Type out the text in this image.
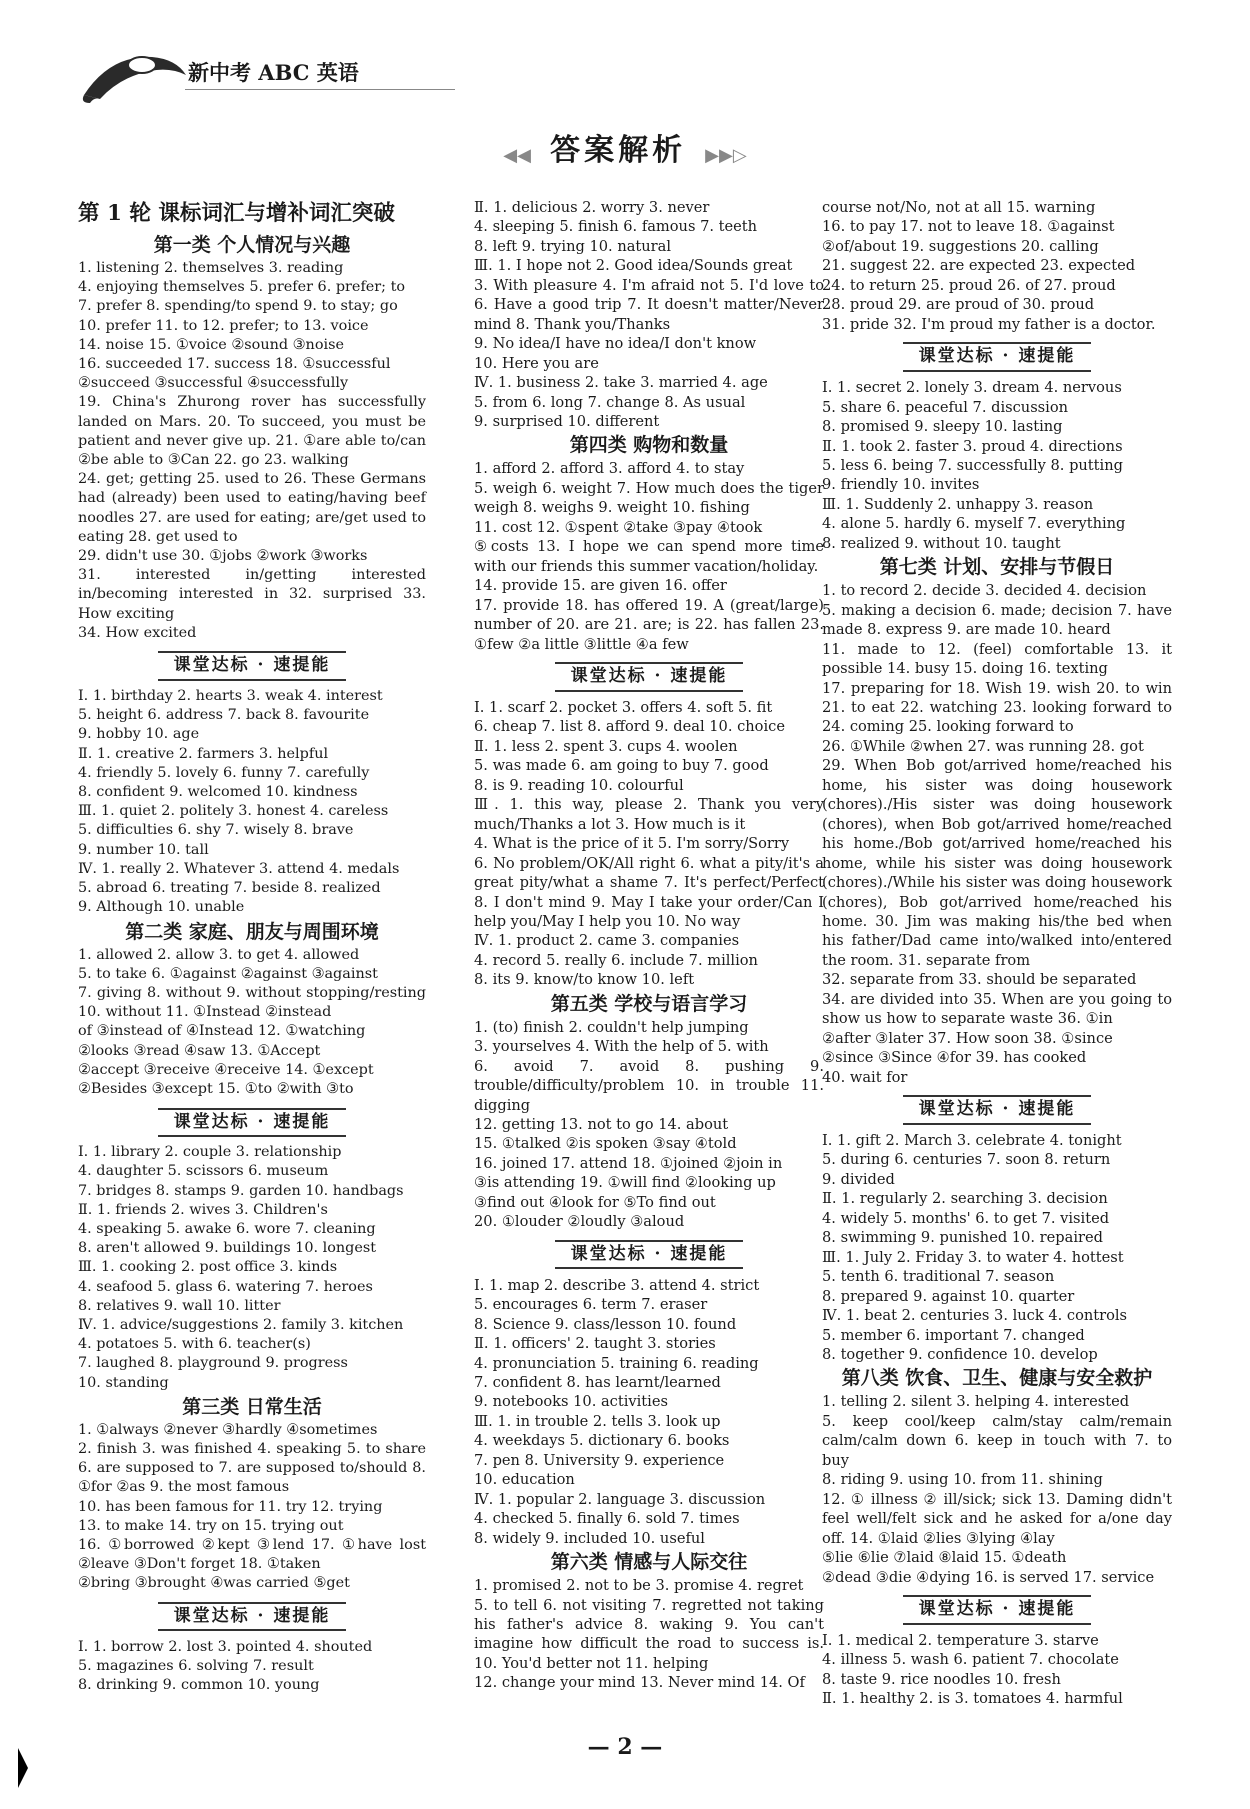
新中考 ABC 英语
◀◀ 答案解析 ▶▶▷
第 1 轮 课标词汇与增补词汇突破
第一类 个人情况与兴趣
1. listening 2. themselves 3. reading
4. enjoying themselves 5. prefer 6. prefer; to
7. prefer 8. spending/to spend 9. to stay; go
10. prefer 11. to 12. prefer; to 13. voice
14. noise 15. ①voice ②sound ③noise
16. succeeded 17. success 18. ①successful
②succeed ③successful ④successfully
19. China's Zhurong rover has successfully landed on Mars. 20. To succeed, you must be patient and never give up. 21. ①are able to/can ②be able to ③Can 22. go 23. walking
24. get; getting 25. used to 26. These Germans had (already) been used to eating/having beef noodles 27. are used for eating; are/get used to eating 28. get used to
29. didn't use 30. ①jobs ②work ③works
31. interested in/getting interested in/becoming interested in 32. surprised 33. How exciting
34. How excited
课堂达标 · 速提能
Ⅰ. 1. birthday 2. hearts 3. weak 4. interest
5. height 6. address 7. back 8. favourite
9. hobby 10. age
Ⅱ. 1. creative 2. farmers 3. helpful
4. friendly 5. lovely 6. funny 7. carefully
8. confident 9. welcomed 10. kindness
Ⅲ. 1. quiet 2. politely 3. honest 4. careless
5. difficulties 6. shy 7. wisely 8. brave
9. number 10. tall
Ⅳ. 1. really 2. Whatever 3. attend 4. medals
5. abroad 6. treating 7. beside 8. realized
9. Although 10. unable
第二类 家庭、朋友与周围环境
1. allowed 2. allow 3. to get 4. allowed
5. to take 6. ①against ②against ③against
7. giving 8. without 9. without stopping/resting 10. without 11. ①Instead ②instead
of ③instead of ④Instead 12. ①watching
②looks ③read ④saw 13. ①Accept
②accept ③receive ④receive 14. ①except
②Besides ③except 15. ①to ②with ③to
课堂达标 · 速提能
Ⅰ. 1. library 2. couple 3. relationship
4. daughter 5. scissors 6. museum
7. bridges 8. stamps 9. garden 10. handbags
Ⅱ. 1. friends 2. wives 3. Children's
4. speaking 5. awake 6. wore 7. cleaning
8. aren't allowed 9. buildings 10. longest
Ⅲ. 1. cooking 2. post office 3. kinds
4. seafood 5. glass 6. watering 7. heroes
8. relatives 9. wall 10. litter
Ⅳ. 1. advice/suggestions 2. family 3. kitchen
4. potatoes 5. with 6. teacher(s)
7. laughed 8. playground 9. progress
10. standing
第三类 日常生活
1. ①always ②never ③hardly ④sometimes
2. finish 3. was finished 4. speaking 5. to share 6. are supposed to 7. are supposed to/should 8. ①for ②as 9. the most famous
10. has been famous for 11. try 12. trying
13. to make 14. try on 15. trying out
16. ①borrowed ②kept ③lend 17. ①have lost ②leave ③Don't forget 18. ①taken
②bring ③brought ④was carried ⑤get
课堂达标 · 速提能
Ⅰ. 1. borrow 2. lost 3. pointed 4. shouted
5. magazines 6. solving 7. result
8. drinking 9. common 10. young
Ⅱ. 1. delicious 2. worry 3. never
4. sleeping 5. finish 6. famous 7. teeth
8. left 9. trying 10. natural
Ⅲ. 1. I hope not 2. Good idea/Sounds great
3. With pleasure 4. I'm afraid not 5. I'd love to 6. Have a good trip 7. It doesn't matter/Never mind 8. Thank you/Thanks
9. No idea/I have no idea/I don't know
10. Here you are
Ⅳ. 1. business 2. take 3. married 4. age
5. from 6. long 7. change 8. As usual
9. surprised 10. different
第四类 购物和数量
1. afford 2. afford 3. afford 4. to stay
5. weigh 6. weight 7. How much does the tiger weigh 8. weighs 9. weight 10. fishing
11. cost 12. ①spent ②take ③pay ④took
⑤costs 13. I hope we can spend more time with our friends this summer vacation/holiday.
14. provide 15. are given 16. offer
17. provide 18. has offered 19. A (great/large) number of 20. are 21. are; is 22. has fallen 23. ①few ②a little ③little ④a few
课堂达标 · 速提能
Ⅰ. 1. scarf 2. pocket 3. offers 4. soft 5. fit
6. cheap 7. list 8. afford 9. deal 10. choice
Ⅱ. 1. less 2. spent 3. cups 4. woolen
5. was made 6. am going to buy 7. good
8. is 9. reading 10. colourful
Ⅲ. 1. this way, please 2. Thank you very much/Thanks a lot 3. How much is it
4. What is the price of it 5. I'm sorry/Sorry
6. No problem/OK/All right 6. what a pity/it's a great pity/what a shame 7. It's perfect/Perfect 8. I don't mind 9. May I take your order/Can I help you/May I help you 10. No way
Ⅳ. 1. product 2. came 3. companies
4. record 5. really 6. include 7. million
8. its 9. know/to know 10. left
第五类 学校与语言学习
1. (to) finish 2. couldn't help jumping
3. yourselves 4. With the help of 5. with
6. avoid 7. avoid 8. pushing 9. trouble/difficulty/problem 10. in trouble 11. digging
12. getting 13. not to go 14. about
15. ①talked ②is spoken ③say ④told
16. joined 17. attend 18. ①joined ②join in
③is attending 19. ①will find ②looking up
③find out ④look for ⑤To find out
20. ①louder ②loudly ③aloud
课堂达标 · 速提能
Ⅰ. 1. map 2. describe 3. attend 4. strict
5. encourages 6. term 7. eraser
8. Science 9. class/lesson 10. found
Ⅱ. 1. officers' 2. taught 3. stories
4. pronunciation 5. training 6. reading
7. confident 8. has learnt/learned
9. notebooks 10. activities
Ⅲ. 1. in trouble 2. tells 3. look up
4. weekdays 5. dictionary 6. books
7. pen 8. University 9. experience
10. education
Ⅳ. 1. popular 2. language 3. discussion
4. checked 5. finally 6. sold 7. times
8. widely 9. included 10. useful
第六类 情感与人际交往
1. promised 2. not to be 3. promise 4. regret
5. to tell 6. not visiting 7. regretted not taking his father's advice 8. waking 9. You can't imagine how difficult the road to success is. 10. You'd better not 11. helping
12. change your mind 13. Never mind 14. Of
course not/No, not at all 15. warning
16. to pay 17. not to leave 18. ①against
②of/about 19. suggestions 20. calling
21. suggest 22. are expected 23. expected
24. to return 25. proud 26. of 27. proud
28. proud 29. are proud of 30. proud
31. pride 32. I'm proud my father is a doctor.
课堂达标 · 速提能
Ⅰ. 1. secret 2. lonely 3. dream 4. nervous
5. share 6. peaceful 7. discussion
8. promised 9. sleepy 10. lasting
Ⅱ. 1. took 2. faster 3. proud 4. directions
5. less 6. being 7. successfully 8. putting
9. friendly 10. invites
Ⅲ. 1. Suddenly 2. unhappy 3. reason
4. alone 5. hardly 6. myself 7. everything
8. realized 9. without 10. taught
第七类 计划、安排与节假日
1. to record 2. decide 3. decided 4. decision
5. making a decision 6. made; decision 7. have made 8. express 9. are made 10. heard
11. made to 12. (feel) comfortable 13. it possible 14. busy 15. doing 16. texting
17. preparing for 18. Wish 19. wish 20. to win 21. to eat 22. watching 23. looking forward to 24. coming 25. looking forward to
26. ①While ②when 27. was running 28. got
29. When Bob got/arrived home/reached his home, his sister was doing housework (chores)./His sister was doing housework (chores), when Bob got/arrived home/reached his home./Bob got/arrived home/reached his home, while his sister was doing housework (chores)./While his sister was doing housework (chores), Bob got/arrived home/reached his home. 30. Jim was making his/the bed when his father/Dad came into/walked into/entered the room. 31. separate from
32. separate from 33. should be separated
34. are divided into 35. When are you going to show us how to separate waste 36. ①in
②after ③later 37. How soon 38. ①since
②since ③Since ④for 39. has cooked
40. wait for
课堂达标 · 速提能
Ⅰ. 1. gift 2. March 3. celebrate 4. tonight
5. during 6. centuries 7. soon 8. return
9. divided
Ⅱ. 1. regularly 2. searching 3. decision
4. widely 5. months' 6. to get 7. visited
8. swimming 9. punished 10. repaired
Ⅲ. 1. July 2. Friday 3. to water 4. hottest
5. tenth 6. traditional 7. season
8. prepared 9. against 10. quarter
Ⅳ. 1. beat 2. centuries 3. luck 4. controls
5. member 6. important 7. changed
8. together 9. confidence 10. develop
第八类 饮食、卫生、健康与安全救护
1. telling 2. silent 3. helping 4. interested
5. keep cool/keep calm/stay calm/remain calm/calm down 6. keep in touch with 7. to buy
8. riding 9. using 10. from 11. shining
12. ① illness ② ill/sick; sick 13. Daming didn't feel well/felt sick and he asked for a/one day off. 14. ①laid ②lies ③lying ④lay
⑤lie ⑥lie ⑦laid ⑧laid 15. ①death
②dead ③die ④dying 16. is served 17. service
课堂达标 · 速提能
Ⅰ. 1. medical 2. temperature 3. starve
4. illness 5. wash 6. patient 7. chocolate
8. taste 9. rice noodles 10. fresh
Ⅱ. 1. healthy 2. is 3. tomatoes 4. harmful
— 2 —
